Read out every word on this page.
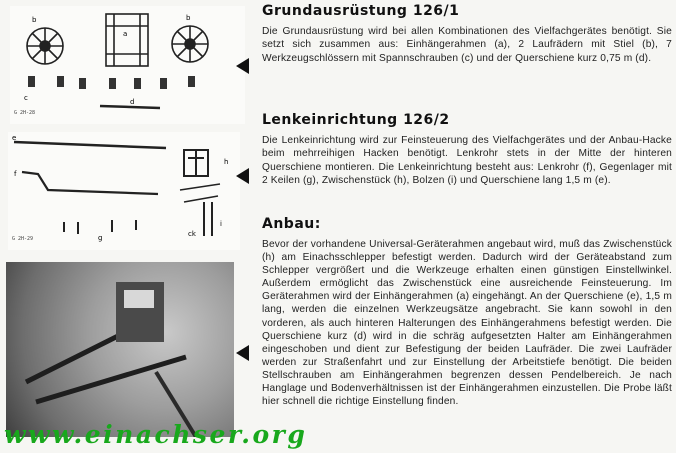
b
a
b
c	d
G 2H-28
e
f
g
h
i
ck
G 2H-29
Grundausrüstung 126/1

Die Grundausrüstung wird bei allen Kombinationen des Vielfachgerätes benötigt. Sie setzt sich zusammen aus: Einhängerahmen (a), 2 Laufrädern mit Stiel (b), 7 Werkzeugschlössern mit Spannschrauben (c) und der Querschiene kurz 0,75 m (d).

Lenkeinrichtung 126/2

Die Lenkeinrichtung wird zur Feinsteuerung des Vielfachgerätes und der Anbau-Hacke beim mehrreihigen Hacken benötigt. Lenkrohr stets in der Mitte der hinteren Querschiene montieren. Die Lenkeinrichtung besteht aus: Lenkrohr (f), Gegenlager mit 2 Keilen (g), Zwischenstück (h), Bolzen (i) und Querschiene lang 1,5 m (e).

Anbau:

Bevor der vorhandene Universal-Geräterahmen angebaut wird, muß das Zwischenstück (h) am Einachsschlepper befestigt werden. Dadurch wird der Geräteabstand zum Schlepper vergrößert und die Werkzeuge erhalten einen günstigen Einstellwinkel. Außerdem ermöglicht das Zwischenstück eine ausreichende Feinsteuerung. Im Geräterahmen wird der Einhängerahmen (a) eingehängt. An der Querschiene (e), 1,5 m lang, werden die einzelnen Werkzeugsätze angebracht. Sie kann sowohl in den vorderen, als auch hinteren Halterungen des Einhängerahmens befestigt werden. Die Querschiene kurz (d) wird in die schräg aufgesetzten Halter am Einhängerahmen eingeschoben und dient zur Befestigung der beiden Laufräder. Die zwei Laufräder werden zur Straßenfahrt und zur Einstellung der Arbeitstiefe benötigt. Die beiden Stellschrauben am Einhängerahmen begrenzen dessen Pendelbereich. Je nach Hanglage und Bodenverhältnissen ist der Einhängerahmen einzustellen. Die Probe läßt hier schnell die richtige Einstellung finden.

www.einachser.org
